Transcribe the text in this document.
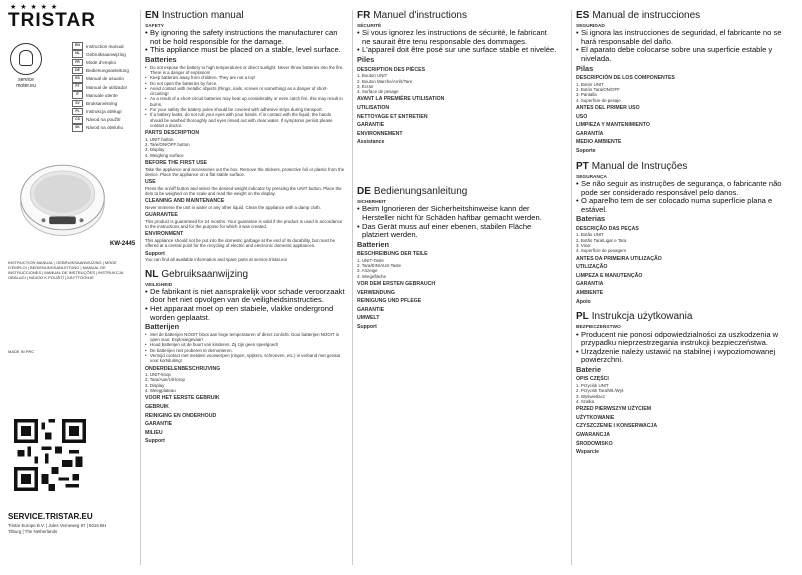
★ ★ ★ ★ ★
TRISTAR
service
moter.eu
EN	Instruction manual
NL	Gebruiksaanwijzing
FR	Mode d'emploi
DE	Bedienungsanleitung
ES	Manual de usuario
PT	Manual de utilizador
IT	Manuale utente
SV	Bruksanvisning
PL	Instrukcja obsługi
CS	Návod na použití
SK	Návod na obsluhu
KW-2445
INSTRUCTION MANUAL | GEBRUIKSAANWIJZING | MODE D'EMPLOI | BEDIENUNGSANLEITUNG | MANUAL DE INSTRUCCIONES | MANUAL DE INSTRUÇÕES | INSTRUKCJA OBSŁUGI | NÁVOD K POUŽITÍ | KÄYTTÖOHJE
MADE IN PRC
SERVICE.TRISTAR.EU
Tristar Europe B.V. | Jules Verneweg 87 | 5015 BH Tilburg | The Netherlands
EN Instruction manual
SAFETY
• By ignoring the safety instructions the manufacturer can not be hold responsible for the damage.
• This appliance must be placed on a stable, level surface.
Batteries
• Do not expose the battery to high temperatures or direct sunlight. Never throw batteries into the fire. There is a danger of explosion!
• Keep batteries away from children. They are not a toy!
• Do not open the batteries by force.
• Avoid contact with metallic objects (Rings, nails, screws or something) as a danger of short-circuiting!
• As a result of a short-circuit batteries may heat up considerably or even catch fire, this may result in burns.
• For your safety the battery poles should be covered with adhesive strips during transport.
• If a battery leaks, do not rub your eyes with your hands. If in contact with the liquid, the hands should be washed thoroughly and eyes rinsed out with clear water. If symptoms persist please contact a doctor.
PARTS DESCRIPTION
1. UNIT button
2. Tare/ON/OFF button
3. Display
4. Weighing surface
BEFORE THE FIRST USE
Take the appliance and accessories out the box. Remove the stickers, protective foil or plastic from the device. Place the appliance on a flat stable surface.
USE
Press the on/off button and select the desired weight indicator by pressing the UNIT button. Place the item to be weighed on the scale and read the weight on the display.
CLEANING AND MAINTENANCE
Never immerse the unit in water or any other liquid. Clean the appliance with a damp cloth.
GUARANTEE
This product is guaranteed for 24 months. Your guarantee is valid if the product is used in accordance to the instructions and for the purpose for which it was created.
ENVIRONMENT
This appliance should not be put into the domestic garbage at the end of its durability, but must be offered at a central point for the recycling of electric and electronic domestic appliances.
Support
You can find all available information and spare parts at service.tristar.eu!
NL Gebruiksaanwijzing
VEILIGHEID
• De fabrikant is niet aansprakelijk voor schade veroorzaakt door het niet opvolgen van de veiligheidsinstructies.
• Het apparaat moet op een stabiele, vlakke ondergrond worden geplaatst.
Batterijen
• Stel de batterijen NOOIT bloot aan hoge temperaturen of direct zonlicht. Gooi batterijen NOOIT in open vuur. Explosiegevaar!
• Houd batterijen uit de buurt van kinderen. Zij zijn geen speelgoed!
• De batterijen niet proberen te demonteren.
• Vermijd contact met metalen voorwerpen (ringen, spijkers, schroeven, etc.) in verband met gevaar voor kortsluiting!
ONDERDELENBESCHRIJVING
1. UNIT-knop
2. Tara/Aan/Uit-knop
3. Display
4. Weegplateau
VOOR HET EERSTE GEBRUIK
GEBRUIK
REINIGING EN ONDERHOUD
GARANTIE
MILIEU
Support
FR Manuel d'instructions
SÉCURITÉ
• Si vous ignorez les instructions de sécurité, le fabricant ne saurait être tenu responsable des dommages.
• L'appareil doit être posé sur une surface stable et nivelée.
Piles
DESCRIPTION DES PIÈCES
1. Bouton UNIT
2. Bouton Marche/Arrêt/Tare
3. Écran
4. Surface de pesage
AVANT LA PREMIÈRE UTILISATION
UTILISATION
NETTOYAGE ET ENTRETIEN
GARANTIE
ENVIRONNEMENT
Assistance
DE Bedienungsanleitung
SICHERHEIT
• Beim Ignorieren der Sicherheitshinweise kann der Hersteller nicht für Schäden haftbar gemacht werden.
• Das Gerät muss auf einer ebenen, stabilen Fläche platziert werden.
Batterien
BESCHREIBUNG DER TEILE
1. UNIT-Taste
2. Tara/EIN/AUS-Taste
3. Anzeige
4. Wiegefläche
VOR DEM ERSTEN GEBRAUCH
VERWENDUNG
REINIGUNG UND PFLEGE
GARANTIE
UMWELT
Support
ES Manual de instrucciones
SEGURIDAD
• Si ignora las instrucciones de seguridad, el fabricante no se hará responsable del daño.
• El aparato debe colocarse sobre una superficie estable y nivelada.
Pilas
DESCRIPCIÓN DE LOS COMPONENTES
1. Botón UNIT
2. Botón Tara/ON/OFF
3. Pantalla
4. Superficie de pesaje
ANTES DEL PRIMER USO
USO
LIMPIEZA Y MANTENIMIENTO
GARANTÍA
MEDIO AMBIENTE
Soporte
PT Manual de Instruções
SEGURANÇA
• Se não seguir as instruções de segurança, o fabricante não pode ser considerado responsável pelo danos.
• O aparelho tem de ser colocado numa superfície plana e estável.
Baterias
DESCRIÇÃO DAS PEÇAS
1. Botão UNIT
2. Botão Tara/Ligar e Tara
3. Visor
4. Superfície de pesagem
ANTES DA PRIMEIRA UTILIZAÇÃO
UTILIZAÇÃO
LIMPEZA E MANUTENÇÃO
GARANTIA
AMBIENTE
Apoio
PL Instrukcja użytkowania
BEZPIECZEŃSTWO
• Producent nie ponosi odpowiedzialności za uszkodzenia w przypadku nieprzestrzegania instrukcji bezpieczeństwa.
• Urządzenie należy ustawić na stabilnej i wypoziomowanej powierzchni.
Baterie
OPIS CZĘŚCI
1. Przycisk UNIT
2. Przycisk Tara/Wł./Wył.
3. Wyświetlacz
4. Szalka
PRZED PIERWSZYM UŻYCIEM
UŻYTKOWANIE
CZYSZCZENIE I KONSERWACJA
GWARANCJA
ŚRODOWISKO
Wsparcie
